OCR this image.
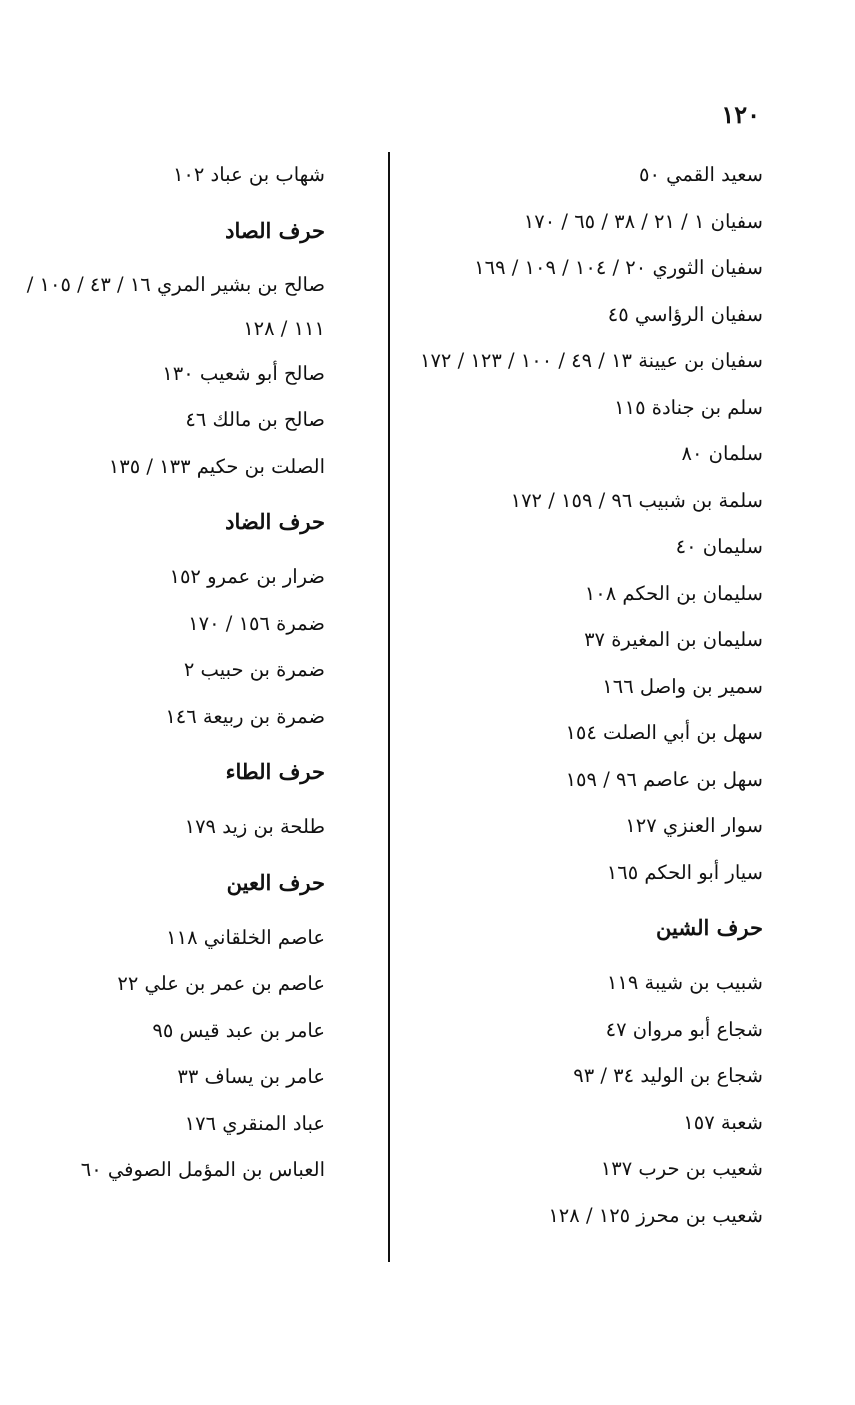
١٢٠
سعيد القمي ٥٠
سفيان ١ / ٢١ / ٣٨ / ٦٥ / ١٧٠
سفيان الثوري ٢٠ / ١٠٤ / ١٠٩ / ١٦٩
سفيان الرؤاسي ٤٥
سفيان بن عيينة ١٣ / ٤٩ / ١٠٠ / ١٢٣ / ١٧٢
سلم بن جنادة ١١٥
سلمان ٨٠
سلمة بن شبيب ٩٦ / ١٥٩ / ١٧٢
سليمان ٤٠
سليمان بن الحكم ١٠٨
سليمان بن المغيرة ٣٧
سمير بن واصل ١٦٦
سهل بن أبي الصلت ١٥٤
سهل بن عاصم ٩٦ / ١٥٩
سوار العنزي ١٢٧
سيار أبو الحكم ١٦٥
حرف الشين
شبيب بن شيبة ١١٩
شجاع أبو مروان ٤٧
شجاع بن الوليد ٣٤ / ٩٣
شعبة ١٥٧
شعيب بن حرب ١٣٧
شعيب بن محرز ١٢٥ / ١٢٨
شهاب بن عباد ١٠٢
حرف الصاد
صالح بن بشير المري ١٦ / ٤٣ / ١٠٥ / ١١١ / ١٢٨
صالح أبو شعيب ١٣٠
صالح بن مالك ٤٦
الصلت بن حكيم ١٣٣ / ١٣٥
حرف الضاد
ضرار بن عمرو ١٥٢
ضمرة ١٥٦ / ١٧٠
ضمرة بن حبيب ٢
ضمرة بن ربيعة ١٤٦
حرف الطاء
طلحة بن زيد ١٧٩
حرف العين
عاصم الخلقاني ١١٨
عاصم بن عمر بن علي ٢٢
عامر بن عبد قيس ٩٥
عامر بن يساف ٣٣
عباد المنقري ١٧٦
العباس بن المؤمل الصوفي ٦٠
